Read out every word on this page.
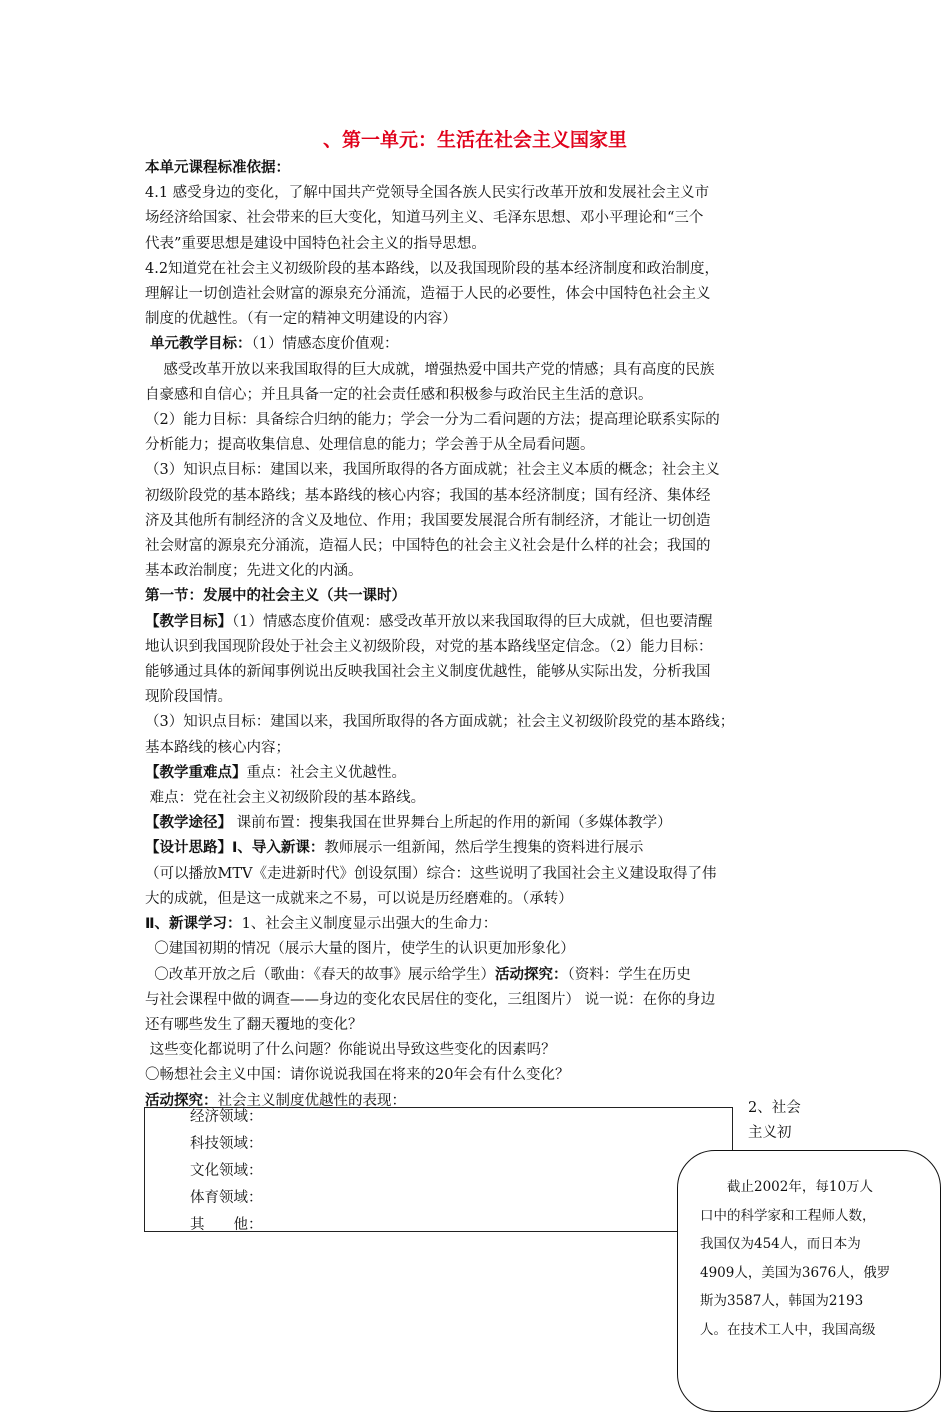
、第一单元：生活在社会主义国家里

本单元课程标准依据：

4.1 感受身边的变化，了解中国共产党领导全国各族人民实行改革开放和发展社会主义市

场经济给国家、社会带来的巨大变化，知道马列主义、毛泽东思想、邓小平理论和“三个

代表”重要思想是建设中国特色社会主义的指导思想。

4.2知道党在社会主义初级阶段的基本路线，以及我国现阶段的基本经济制度和政治制度，

理解让一切创造社会财富的源泉充分涌流，造福于人民的必要性，体会中国特色社会主义

制度的优越性。（有一定的精神文明建设的内容）

单元教学目标：（1）情感态度价值观：

感受改革开放以来我国取得的巨大成就，增强热爱中国共产党的情感；具有高度的民族

自豪感和自信心；并且具备一定的社会责任感和积极参与政治民主生活的意识。

（2）能力目标：具备综合归纳的能力；学会一分为二看问题的方法；提高理论联系实际的

分析能力；提高收集信息、处理信息的能力；学会善于从全局看问题。

（3）知识点目标：建国以来，我国所取得的各方面成就；社会主义本质的概念；社会主义

初级阶段党的基本路线；基本路线的核心内容；我国的基本经济制度；国有经济、集体经

济及其他所有制经济的含义及地位、作用；我国要发展混合所有制经济，才能让一切创造

社会财富的源泉充分涌流，造福人民；中国特色的社会主义社会是什么样的社会；我国的

基本政治制度；先进文化的内涵。

第一节：发展中的社会主义（共一课时）

【教学目标】（1）情感态度价值观：感受改革开放以来我国取得的巨大成就，但也要清醒

地认识到我国现阶段处于社会主义初级阶段，对党的基本路线坚定信念。（2）能力目标：

能够通过具体的新闻事例说出反映我国社会主义制度优越性，能够从实际出发，分析我国

现阶段国情。

（3）知识点目标：建国以来，我国所取得的各方面成就；社会主义初级阶段党的基本路线；

基本路线的核心内容；

【教学重难点】重点：社会主义优越性。

难点：党在社会主义初级阶段的基本路线。

【教学途径】 课前布置：搜集我国在世界舞台上所起的作用的新闻（多媒体教学）

【设计思路】Ⅰ、导入新课：教师展示一组新闻，然后学生搜集的资料进行展示

（可以播放MTV《走进新时代》创设氛围）综合：这些说明了我国社会主义建设取得了伟

大的成就，但是这一成就来之不易，可以说是历经磨难的。（承转）

Ⅱ、新课学习：1、社会主义制度显示出强大的生命力：

〇建国初期的情况（展示大量的图片，使学生的认识更加形象化）

〇改革开放之后（歌曲：《春天的故事》展示给学生）活动探究：（资料：学生在历史

与社会课程中做的调查——身边的变化农民居住的变化，三组图片） 说一说：在你的身边

还有哪些发生了翻天覆地的变化？

这些变化都说明了什么问题？你能说出导致这些变化的因素吗？

〇畅想社会主义中国：请你说说我国在将来的20年会有什么变化？

活动探究：社会主义制度优越性的表现：

经济领域：
科技领域：
文化领域：
体育领域：
其　　他：
2、社会
主义初

　　截止2002年，每10万人

口中的科学家和工程师人数，

我国仅为454人，而日本为

4909人，美国为3676人，俄罗

斯为3587人，韩国为2193

人。在技术工人中，我国高级
